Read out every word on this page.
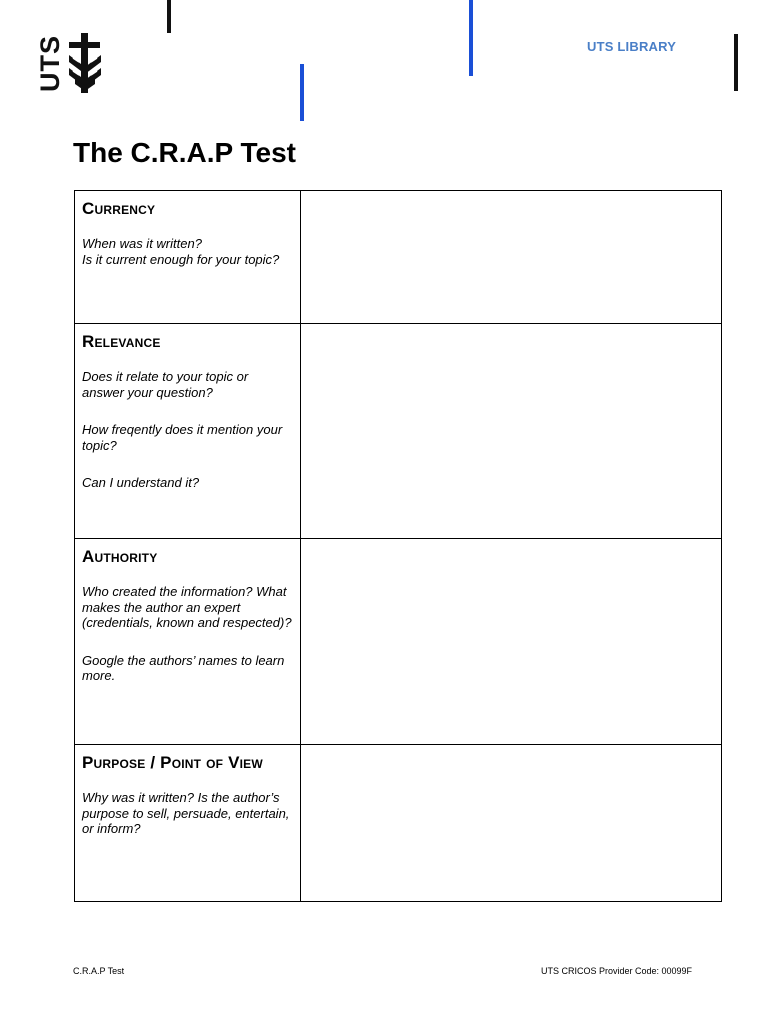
UTS	UTS LIBRARY
The C.R.A.P Test
Currency
When was it written?
Is it current enough for your topic?	

Relevance
Does it relate to your topic or answer your question?
How freqently does it mention your topic?
Can I understand it?	

Authority
Who created the information? What makes the author an expert (credentials, known and respected)?
Google the authors’ names to learn more.	

Purpose / Point of View
Why was it written? Is the author’s purpose to sell, persuade, entertain, or inform?	

C.R.A.P Test	UTS CRICOS Provider Code: 00099F
